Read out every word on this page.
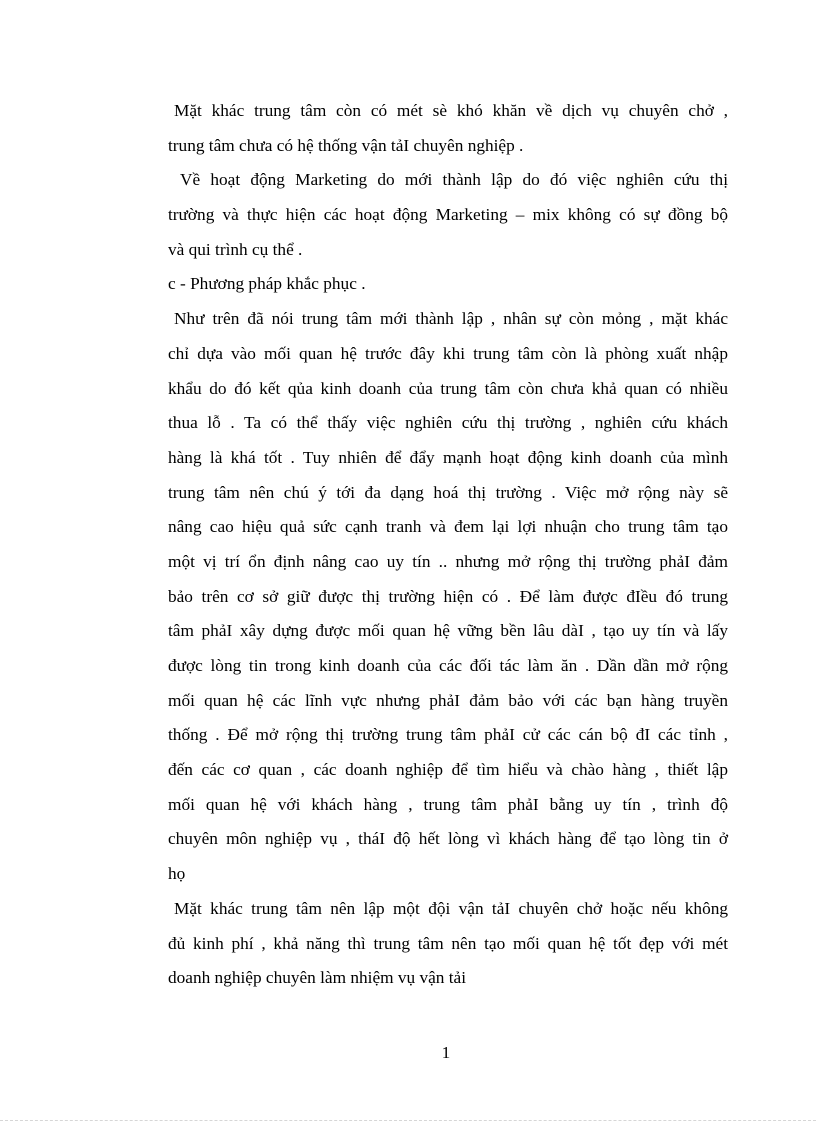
Mặt khác trung tâm còn có mét sè khó khăn về dịch vụ chuyên chở ,
trung tâm chưa có hệ thống vận tảI chuyên nghiệp .
Về hoạt động Marketing do mới thành lập do đó việc nghiên cứu thị
trường và thực hiện các hoạt động Marketing – mix không có sự đồng bộ
và qui trình cụ thể .
c - Phương pháp khắc phục .
Như trên đã nói trung tâm mới thành lập , nhân sự còn mỏng , mặt khác
chỉ dựa vào mối quan hệ trước đây khi trung tâm còn là phòng xuất nhập
khẩu do đó kết qủa kinh doanh của trung tâm còn chưa khả quan có nhiều
thua lỗ . Ta có thể thấy việc nghiên cứu thị trường , nghiên cứu khách
hàng là khá tốt . Tuy nhiên để đẩy mạnh hoạt động kinh doanh của mình
trung tâm nên chú ý tới đa dạng hoá thị trường . Việc mở rộng này sẽ
nâng cao hiệu quả sức cạnh tranh và đem lại lợi nhuận cho trung tâm tạo
một vị trí ổn định nâng cao uy tín .. nhưng mở rộng thị trường phảI đảm
bảo trên cơ sở giữ được thị trường hiện có . Để làm được đIều đó trung
tâm phảI xây dựng được mối quan hệ vững bền lâu dàI , tạo uy tín và lấy
được lòng tin trong kinh doanh của các đối tác làm ăn . Dần dần mở rộng
mối quan hệ các lĩnh vực nhưng phảI đảm bảo với các bạn hàng truyền
thống . Để mở rộng thị trường trung tâm phảI cử các cán bộ đI các tỉnh ,
đến các cơ quan , các doanh nghiệp để tìm hiểu và chào hàng , thiết lập
mối quan hệ với khách hàng , trung tâm phảI bằng uy tín , trình độ
chuyên môn nghiệp vụ , tháI độ hết lòng vì khách hàng để tạo lòng tin ở
họ
Mặt khác trung tâm nên lập một đội vận tảI chuyên chở hoặc nếu không
đủ kinh phí , khả năng thì trung tâm nên tạo mối quan hệ tốt đẹp với mét
doanh nghiệp chuyên làm nhiệm vụ vận tải
1
